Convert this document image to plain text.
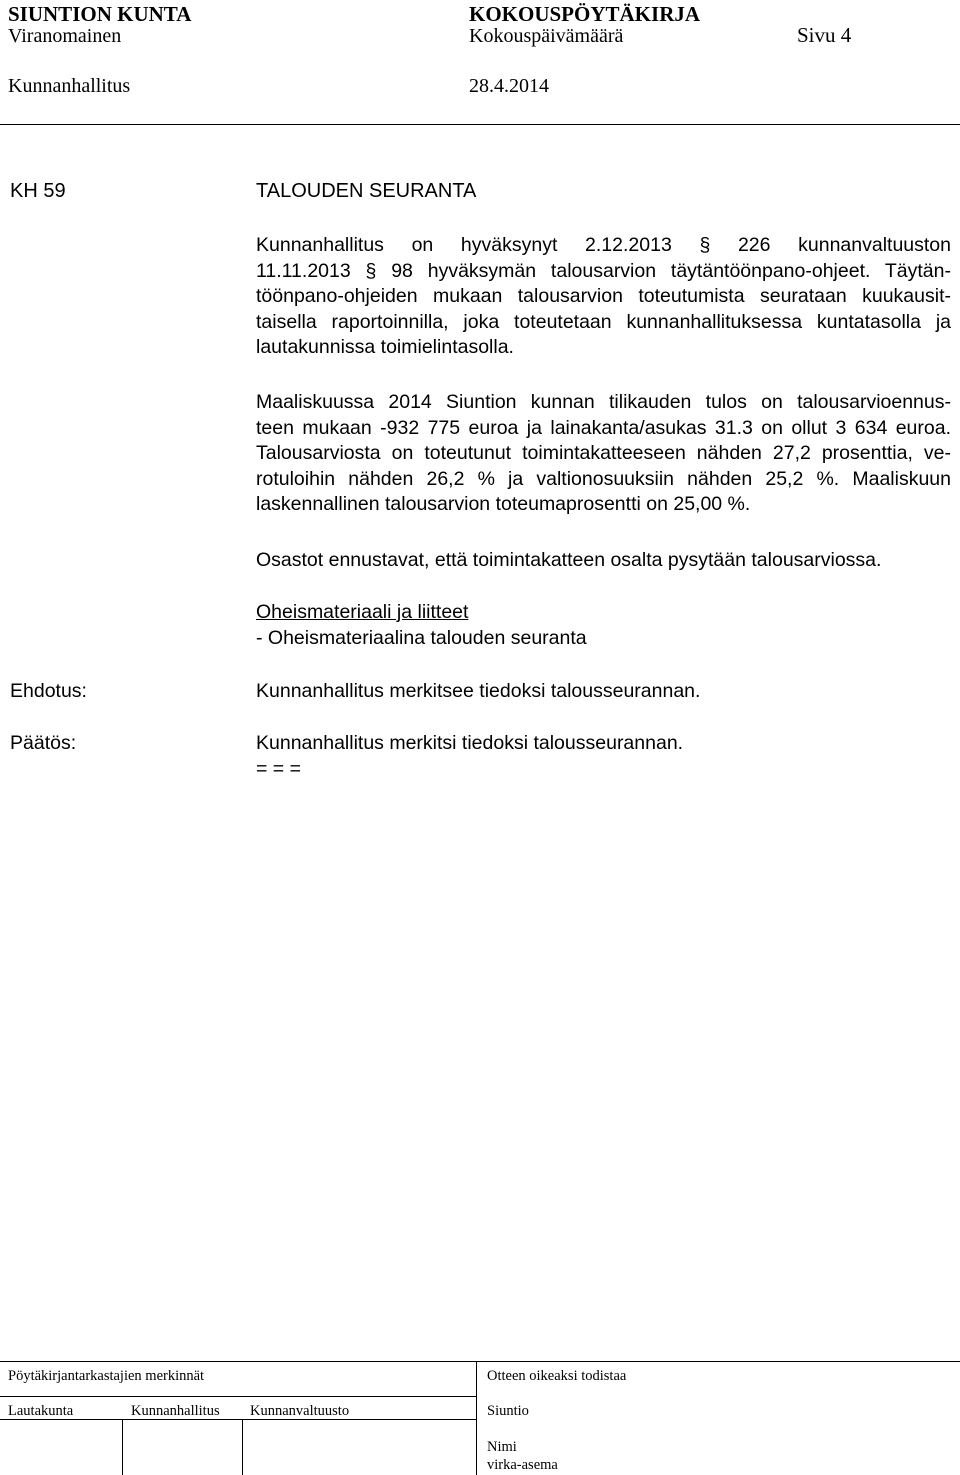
SIUNTION KUNTA	KOKOUSPÖYTÄKIRJA
Viranomainen	Kokouspäivämäärä	Sivu 4
Kunnanhallitus	28.4.2014
KH 59	TALOUDEN SEURANTA
Kunnanhallitus on hyväksynyt 2.12.2013 § 226 kunnanvaltuuston
11.11.2013 § 98 hyväksymän talousarvion täytäntöönpano-ohjeet. Täytän-
töönpano-ohjeiden mukaan talousarvion toteutumista seurataan kuukausit-
taisella raportoinnilla, joka toteutetaan kunnanhallituksessa kuntatasolla ja
lautakunnissa toimielintasolla.
Maaliskuussa 2014 Siuntion kunnan tilikauden tulos on talousarvioennus-
teen mukaan -932 775 euroa ja lainakanta/asukas 31.3 on ollut 3 634 euroa.
Talousarviosta on toteutunut toimintakatteeseen nähden 27,2 prosenttia, ve-
rotuloihin nähden 26,2 % ja valtionosuuksiin nähden 25,2 %. Maaliskuun
laskennallinen talousarvion toteumaprosentti on 25,00 %.
Osastot ennustavat, että toimintakatteen osalta pysytään talousarviossa.
Oheismateriaali ja liitteet
- Oheismateriaalina talouden seuranta
Ehdotus:	Kunnanhallitus merkitsee tiedoksi talousseurannan.
Päätös:	Kunnanhallitus merkitsi tiedoksi talousseurannan.
= = =
Pöytäkirjantarkastajien merkinnät
Lautakunta	Kunnanhallitus Kunnanvaltuusto
Otteen oikeaksi todistaa
Siuntio
Nimi
virka-asema
